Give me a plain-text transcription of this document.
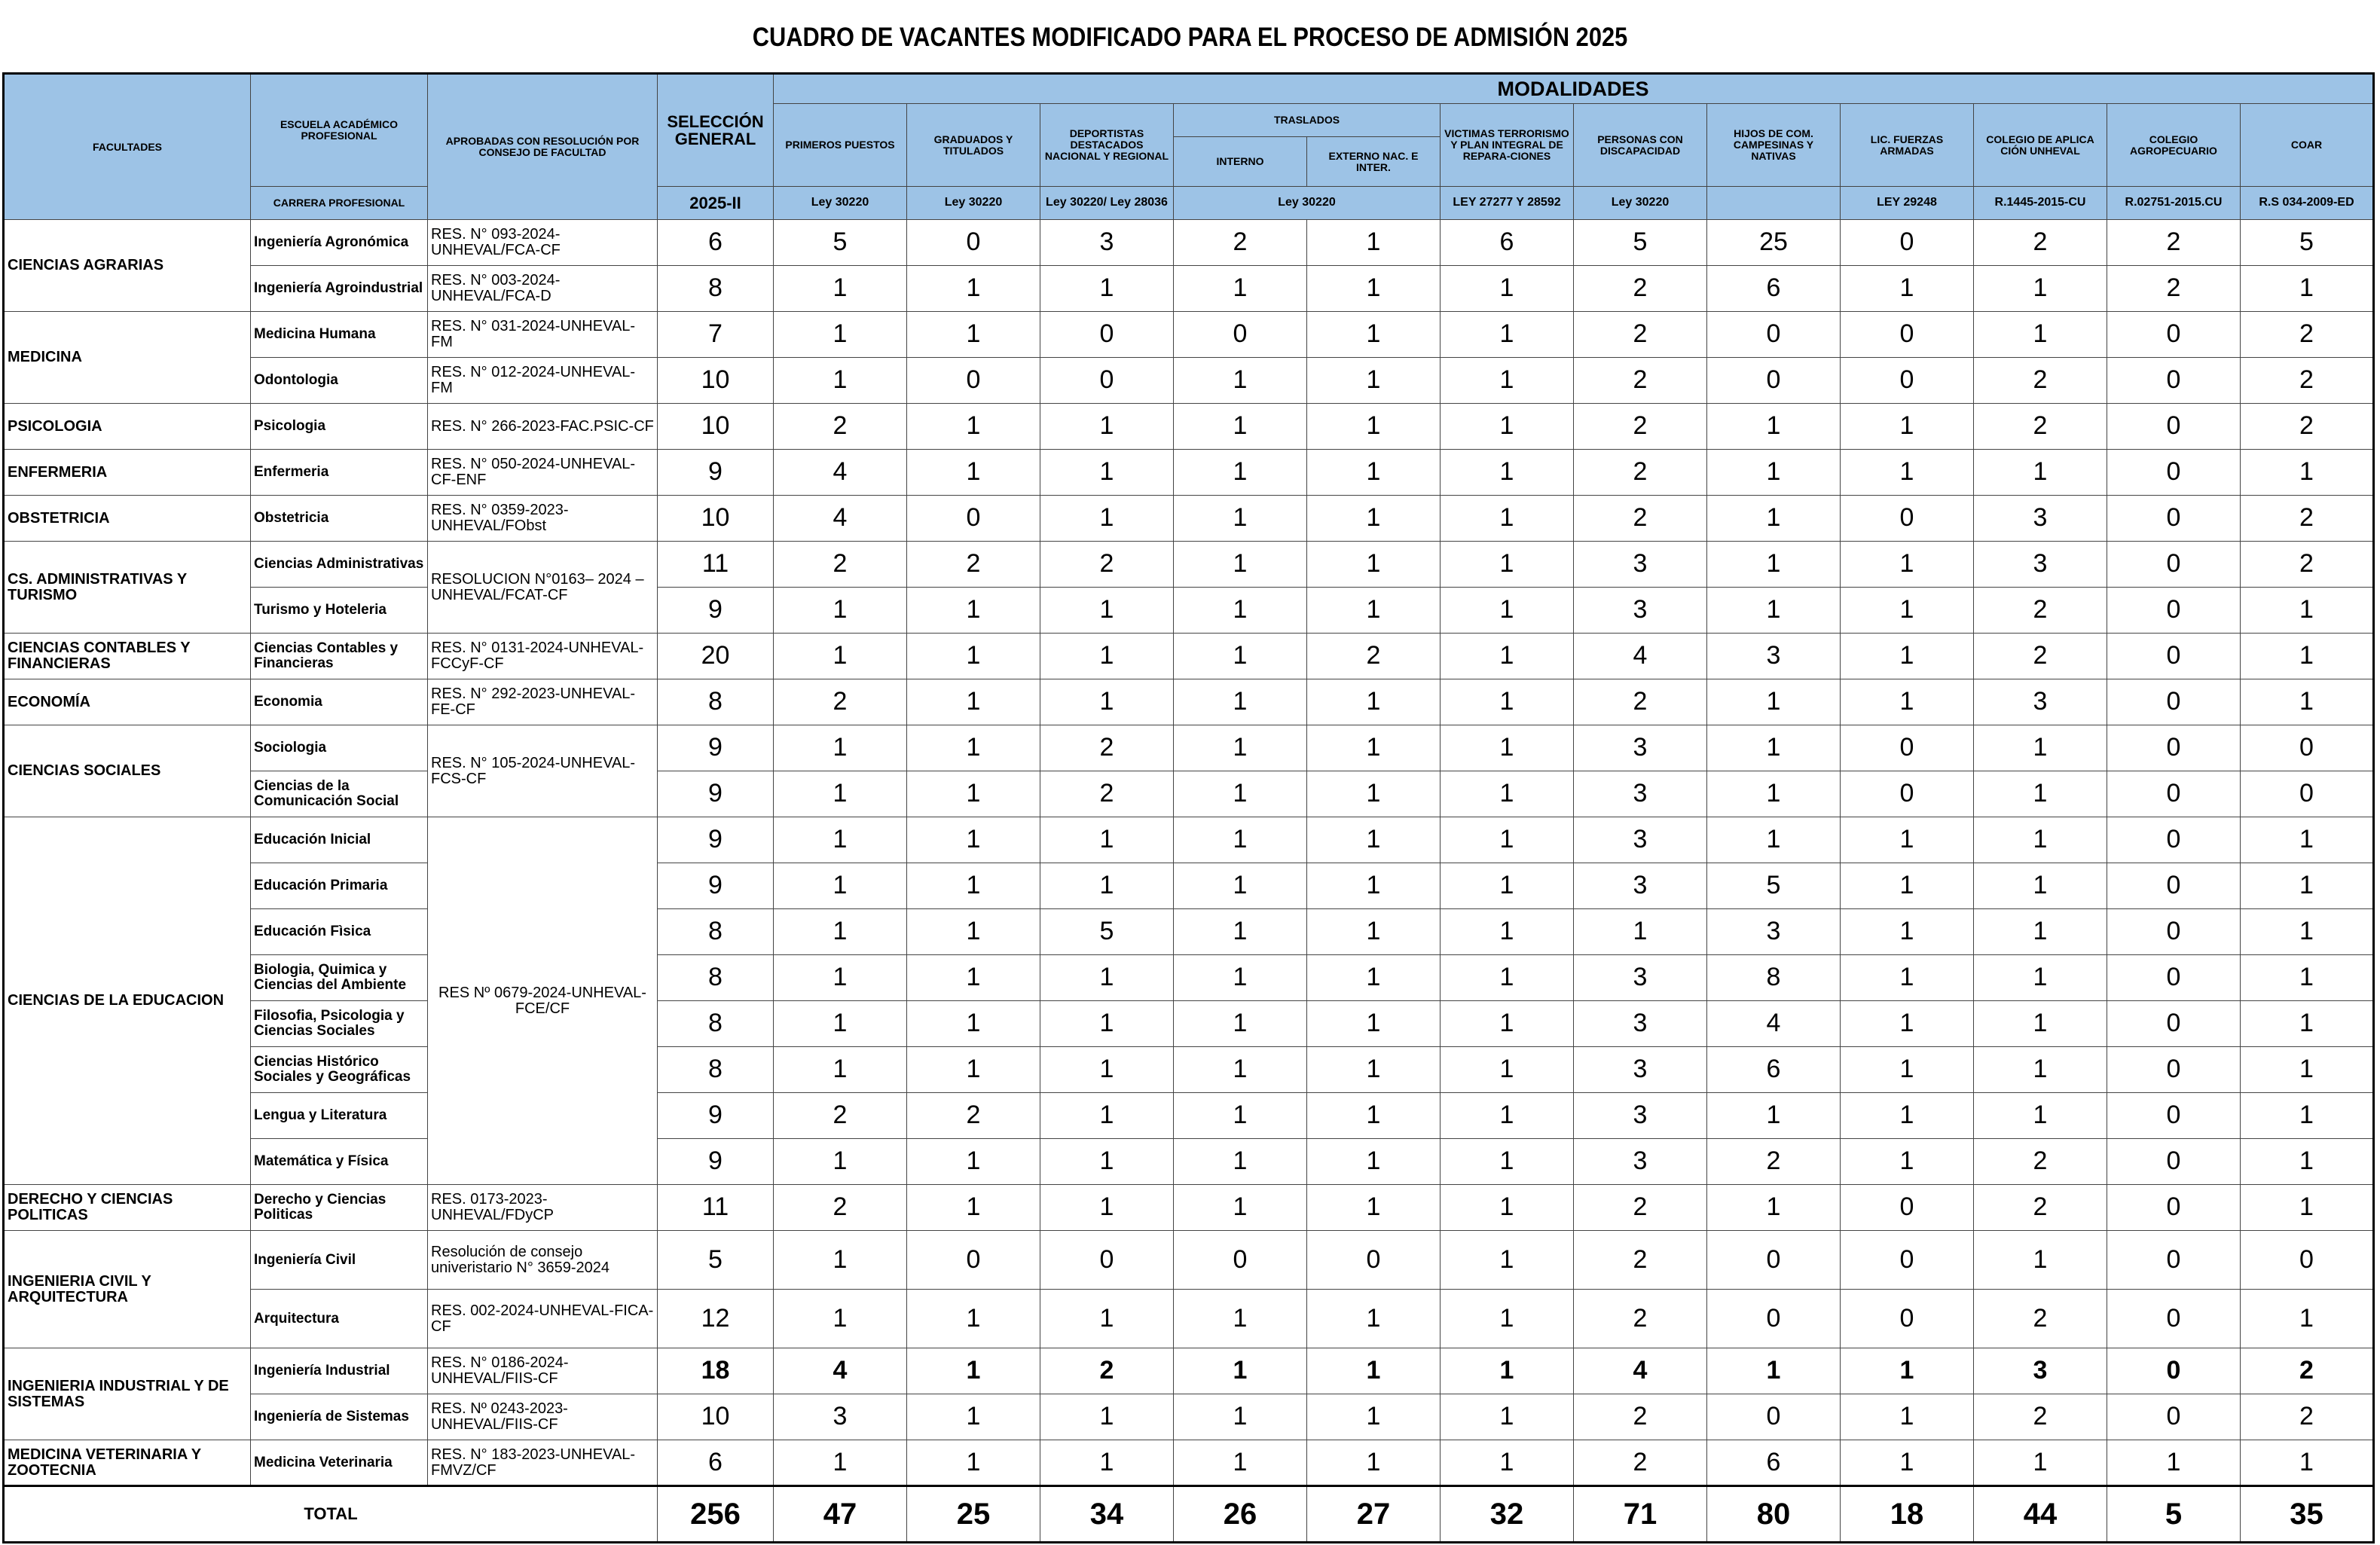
CUADRO DE VACANTES MODIFICADO PARA EL PROCESO DE ADMISIÓN 2025
FACULTADES	ESCUELA ACADÉMICO PROFESIONAL	APROBADAS CON RESOLUCIÓN POR CONSEJO DE FACULTAD	SELECCIÓN GENERAL	MODALIDADES											
				PRIMEROS PUESTOS	GRADUADOS Y TITULADOS	DEPORTISTAS DESTACADOS NACIONAL Y REGIONAL	TRASLADOS		VICTIMAS TERRORISMO Y PLAN INTEGRAL DE REPARA-CIONES	PERSONAS CON DISCAPACIDAD	HIJOS DE COM. CAMPESINAS Y NATIVAS	LIC. FUERZAS ARMADAS	COLEGIO DE APLICA CIÓN UNHEVAL	COLEGIO AGROPECUARIO	COAR
							INTERNO	EXTERNO NAC. E INTER.							
	CARRERA PROFESIONAL		2025-II	Ley 30220	Ley 30220	Ley 30220/ Ley 28036	Ley 30220		LEY 27277 Y 28592	Ley 30220		LEY 29248	R.1445-2015-CU	R.02751-2015.CU	R.S 034-2009-ED
CIENCIAS AGRARIAS	Ingeniería Agronómica	RES. N° 093-2024-UNHEVAL/FCA-CF	6	5	0	3	2	1	6	5	25	0	2	2	5
	Ingeniería Agroindustrial	RES. N° 003-2024-UNHEVAL/FCA-D	8	1	1	1	1	1	1	2	6	1	1	2	1
MEDICINA	Medicina Humana	RES. N° 031-2024-UNHEVAL-FM	7	1	1	0	0	1	1	2	0	0	1	0	2
	Odontologia	RES. N° 012-2024-UNHEVAL-FM	10	1	0	0	1	1	1	2	0	0	2	0	2
PSICOLOGIA	Psicologia	RES. N° 266-2023-FAC.PSIC-CF	10	2	1	1	1	1	1	2	1	1	2	0	2
ENFERMERIA	Enfermeria	RES. N° 050-2024-UNHEVAL-CF-ENF	9	4	1	1	1	1	1	2	1	1	1	0	1
OBSTETRICIA	Obstetricia	RES. N° 0359-2023-UNHEVAL/FObst	10	4	0	1	1	1	1	2	1	0	3	0	2
CS. ADMINISTRATIVAS Y TURISMO	Ciencias Administrativas	RESOLUCION N°0163– 2024 – UNHEVAL/FCAT-CF	11	2	2	2	1	1	1	3	1	1	3	0	2
	Turismo y Hoteleria		9	1	1	1	1	1	1	3	1	1	2	0	1
CIENCIAS CONTABLES Y FINANCIERAS	Ciencias Contables y Financieras	RES. N° 0131-2024-UNHEVAL-FCCyF-CF	20	1	1	1	1	2	1	4	3	1	2	0	1
ECONOMÍA	Economia	RES. N° 292-2023-UNHEVAL-FE-CF	8	2	1	1	1	1	1	2	1	1	3	0	1
CIENCIAS SOCIALES	Sociologia	RES. N° 105-2024-UNHEVAL-FCS-CF	9	1	1	2	1	1	1	3	1	0	1	0	0
	Ciencias de la Comunicación Social		9	1	1	2	1	1	1	3	1	0	1	0	0
CIENCIAS DE LA EDUCACION	Educación Inicial	RES Nº 0679-2024-UNHEVAL-FCE/CF	9	1	1	1	1	1	1	3	1	1	1	0	1
	Educación Primaria		9	1	1	1	1	1	1	3	5	1	1	0	1
	Educación Fìsica		8	1	1	5	1	1	1	1	3	1	1	0	1
	Biologia, Quimica y Ciencias del Ambiente		8	1	1	1	1	1	1	3	8	1	1	0	1
	Filosofia, Psicologia y Ciencias Sociales		8	1	1	1	1	1	1	3	4	1	1	0	1
	Ciencias Histórico Sociales y Geográficas		8	1	1	1	1	1	1	3	6	1	1	0	1
	Lengua y Literatura		9	2	2	1	1	1	1	3	1	1	1	0	1
	Matemática y Física		9	1	1	1	1	1	1	3	2	1	2	0	1
DERECHO Y CIENCIAS POLITICAS	Derecho y Ciencias Politicas	RES. 0173-2023-UNHEVAL/FDyCP	11	2	1	1	1	1	1	2	1	0	2	0	1
INGENIERIA CIVIL Y ARQUITECTURA	Ingeniería Civil	Resolución de consejo univeristario N° 3659-2024	5	1	0	0	0	0	1	2	0	0	1	0	0
	Arquitectura	RES. 002-2024-UNHEVAL-FICA-CF	12	1	1	1	1	1	1	2	0	0	2	0	1
INGENIERIA INDUSTRIAL Y DE SISTEMAS	Ingeniería Industrial	RES. N° 0186-2024-UNHEVAL/FIIS-CF	18	4	1	2	1	1	1	4	1	1	3	0	2
	Ingeniería de Sistemas	RES. Nº 0243-2023-UNHEVAL/FIIS-CF	10	3	1	1	1	1	1	2	0	1	2	0	2
MEDICINA VETERINARIA Y ZOOTECNIA	Medicina Veterinaria	RES. N° 183-2023-UNHEVAL-FMVZ/CF	6	1	1	1	1	1	1	2	6	1	1	1	1
TOTAL			256	47	25	34	26	27	32	71	80	18	44	5	35
